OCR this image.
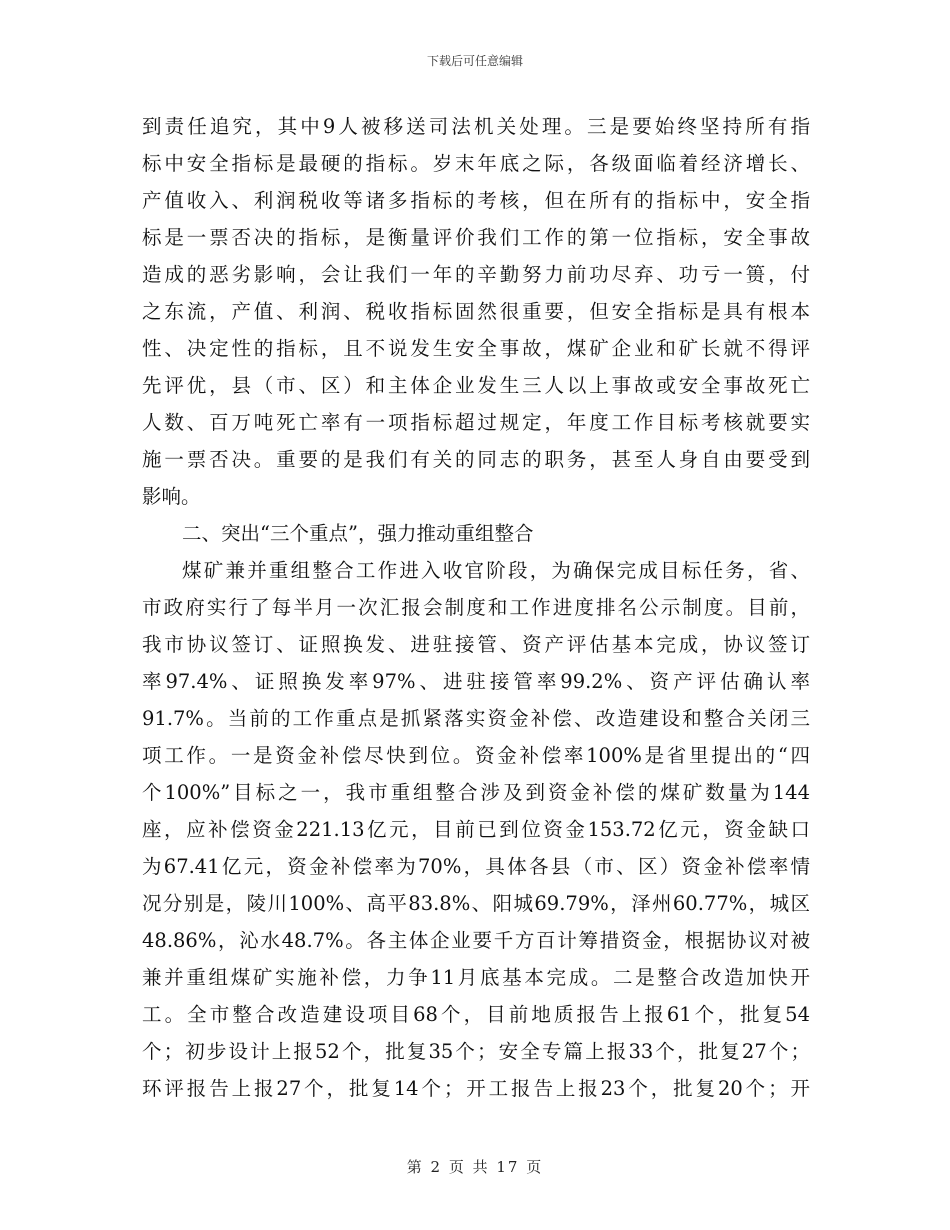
下载后可任意编辑
到责任追究，其中9人被移送司法机关处理。三是要始终坚持所有指
标中安全指标是最硬的指标。岁末年底之际，各级面临着经济增长、
产值收入、利润税收等诸多指标的考核，但在所有的指标中，安全指
标是一票否决的指标，是衡量评价我们工作的第一位指标，安全事故
造成的恶劣影响，会让我们一年的辛勤努力前功尽弃、功亏一篑，付
之东流，产值、利润、税收指标固然很重要，但安全指标是具有根本
性、决定性的指标，且不说发生安全事故，煤矿企业和矿长就不得评
先评优，县（市、区）和主体企业发生三人以上事故或安全事故死亡
人数、百万吨死亡率有一项指标超过规定，年度工作目标考核就要实
施一票否决。重要的是我们有关的同志的职务，甚至人身自由要受到
影响。
二、突出“三个重点”，强力推动重组整合
煤矿兼并重组整合工作进入收官阶段，为确保完成目标任务，省、
市政府实行了每半月一次汇报会制度和工作进度排名公示制度。目前，
我市协议签订、证照换发、进驻接管、资产评估基本完成，协议签订
率97.4%、证照换发率97%、进驻接管率99.2%、资产评估确认率
91.7%。当前的工作重点是抓紧落实资金补偿、改造建设和整合关闭三
项工作。一是资金补偿尽快到位。资金补偿率100%是省里提出的“四
个100%”目标之一，我市重组整合涉及到资金补偿的煤矿数量为144
座，应补偿资金221.13亿元，目前已到位资金153.72亿元，资金缺口
为67.41亿元，资金补偿率为70%，具体各县（市、区）资金补偿率情
况分别是，陵川100%、高平83.8%、阳城69.79%，泽州60.77%，城区
48.86%，沁水48.7%。各主体企业要千方百计筹措资金，根据协议对被
兼并重组煤矿实施补偿，力争11月底基本完成。二是整合改造加快开
工。全市整合改造建设项目68个，目前地质报告上报61个，批复54
个；初步设计上报52个，批复35个；安全专篇上报33个，批复27个；
环评报告上报27个，批复14个；开工报告上报23个，批复20个；开
第 2 页 共 17 页
